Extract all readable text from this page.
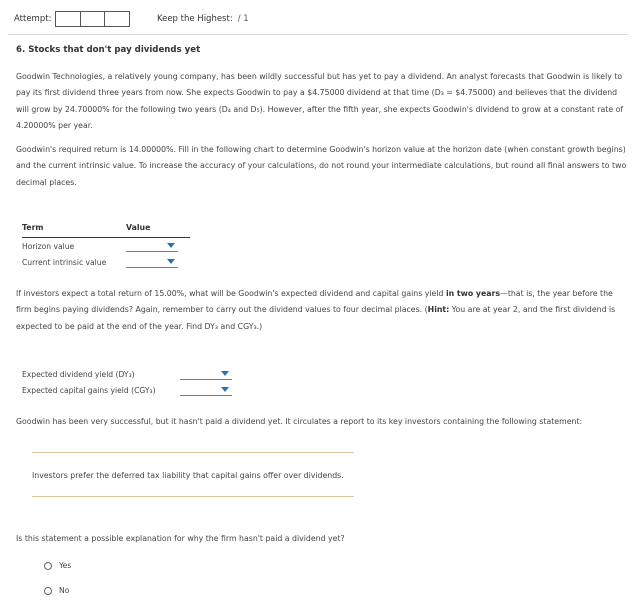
Attempt:	Keep the Highest: / 1
6. Stocks that don't pay dividends yet
Goodwin Technologies, a relatively young company, has been wildly successful but has yet to pay a dividend. An analyst forecasts that Goodwin is likely to pay its first dividend three years from now. She expects Goodwin to pay a $4.75000 dividend at that time (D₃ = $4.75000) and believes that the dividend will grow by 24.70000% for the following two years (D₄ and D₅). However, after the fifth year, she expects Goodwin's dividend to grow at a constant rate of 4.20000% per year.
Goodwin's required return is 14.00000%. Fill in the following chart to determine Goodwin's horizon value at the horizon date (when constant growth begins) and the current intrinsic value. To increase the accuracy of your calculations, do not round your intermediate calculations, but round all final answers to two decimal places.
Term	Value
Horizon value
Current intrinsic value
If investors expect a total return of 15.00%, what will be Goodwin's expected dividend and capital gains yield in two years—that is, the year before the firm begins paying dividends? Again, remember to carry out the dividend values to four decimal places. (Hint: You are at year 2, and the first dividend is expected to be paid at the end of the year. Find DY₃ and CGY₃.)
Expected dividend yield (DY₃)
Expected capital gains yield (CGY₃)
Goodwin has been very successful, but it hasn't paid a dividend yet. It circulates a report to its key investors containing the following statement:
Investors prefer the deferred tax liability that capital gains offer over dividends.
Is this statement a possible explanation for why the firm hasn't paid a dividend yet?
Yes
No
